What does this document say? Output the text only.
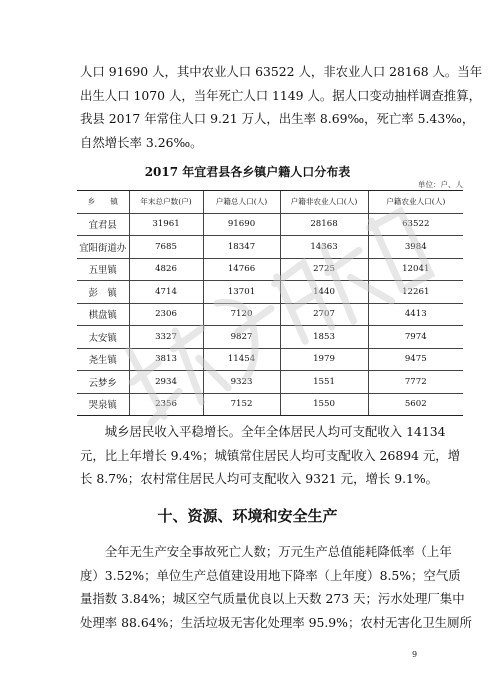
人口 91690 人，其中农业人口 63522 人，非农业人口 28168 人。当年
出生人口 1070 人，当年死亡人口 1149 人。据人口变动抽样调查推算，
我县 2017 年常住人口 9.21 万人，出生率 8.69‰，死亡率 5.43‰，
自然增长率 3.26‰。
2017 年宜君县各乡镇户籍人口分布表
单位：户、人
乡　　镇	年末总户数(户)	户籍总人口(人)	户籍非农业人口(人)	户籍农业人口(人)
宜君县	31961	91690	28168	63522
宜阳街道办	7685	18347	14363	3984
五里镇	4826	14766	2725	12041
彭　镇	4714	13701	1440	12261
棋盘镇	2306	7120	2707	4413
太安镇	3327	9827	1853	7974
尧生镇	3813	11454	1979	9475
云梦乡	2934	9323	1551	7772
哭泉镇	2356	7152	1550	5602
十、资源、环境和安全生产
　　城乡居民收入平稳增长。全年全体居民人均可支配收入 14134
元，比上年增长 9.4%；城镇常住居民人均可支配收入 26894 元，增
长 8.7%；农村常住居民人均可支配收入 9321 元，增长 9.1%。
　　全年无生产安全事故死亡人数；万元生产总值能耗降低率（上年
度）3.52%；单位生产总值建设用地下降率（上年度）8.5%；空气质
量指数 3.84%；城区空气质量优良以上天数 273 天；污水处理厂集中
处理率 88.64%；生活垃圾无害化处理率 95.9%；农村无害化卫生厕所
9
